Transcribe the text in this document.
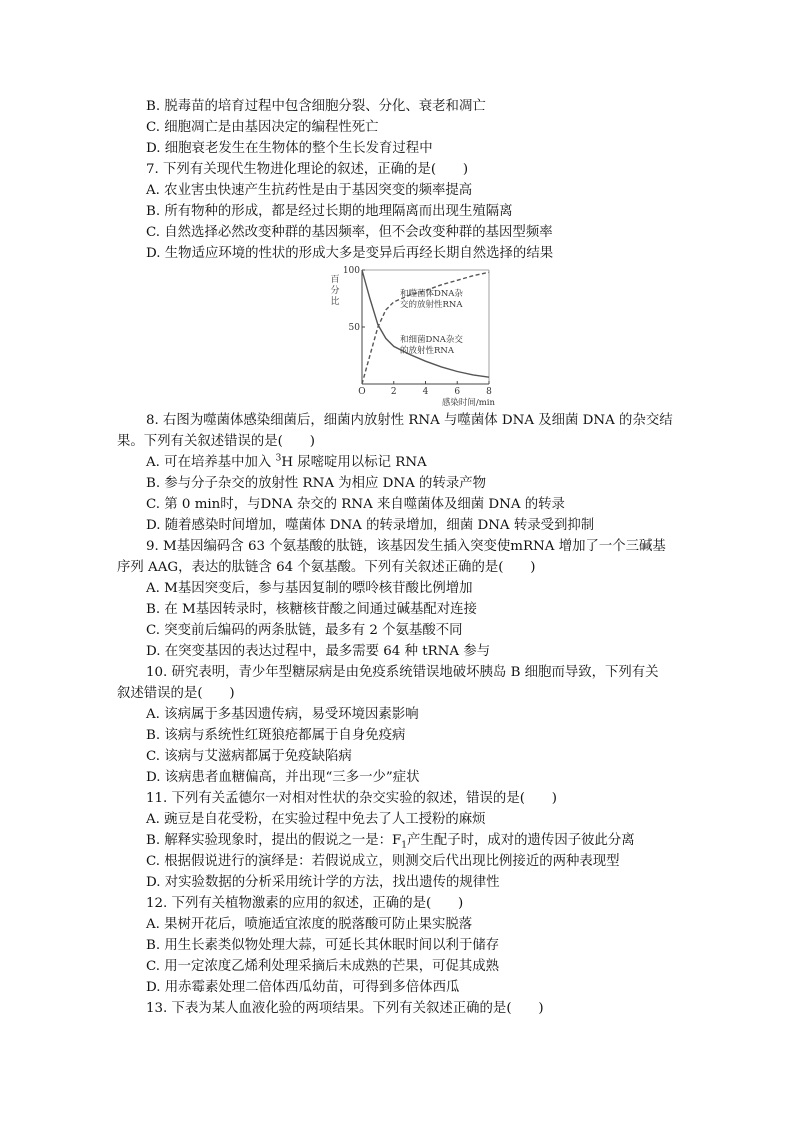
B. 脱毒苗的培育过程中包含细胞分裂、分化、衰老和凋亡
C. 细胞凋亡是由基因决定的编程性死亡
D. 细胞衰老发生在生物体的整个生长发育过程中
7. 下列有关现代生物进化理论的叙述，正确的是(　　)
A. 农业害虫快速产生抗药性是由于基因突变的频率提高
B. 所有物种的形成，都是经过长期的地理隔离而出现生殖隔离
C. 自然选择必然改变种群的基因频率，但不会改变种群的基因型频率
D. 生物适应环境的性状的形成大多是变异后再经长期自然选择的结果
O	2	4	6	8
50
100
百分比
感染时间/min
和噬菌体DNA杂
交的放射性RNA
和细菌DNA杂交
的放射性RNA
8. 右图为噬菌体感染细菌后，细菌内放射性 RNA 与噬菌体 DNA 及细菌 DNA 的杂交结
果。下列有关叙述错误的是(　　)
A. 可在培养基中加入 $^3$H 尿嘧啶用以标记 RNA
B. 参与分子杂交的放射性 RNA 为相应 DNA 的转录产物
C. 第 0 min时，与DNA 杂交的 RNA 来自噬菌体及细菌 DNA 的转录
D. 随着感染时间增加，噬菌体 DNA 的转录增加，细菌 DNA 转录受到抑制
9. M基因编码含 63 个氨基酸的肽链，该基因发生插入突变使mRNA 增加了一个三碱基
序列 AAG，表达的肽链含 64 个氨基酸。下列有关叙述正确的是(　　)
A. M基因突变后，参与基因复制的嘌呤核苷酸比例增加
B. 在 M基因转录时，核糖核苷酸之间通过碱基配对连接
C. 突变前后编码的两条肽链，最多有 2 个氨基酸不同
D. 在突变基因的表达过程中，最多需要 64 种 tRNA 参与
10. 研究表明，青少年型糖尿病是由免疫系统错误地破坏胰岛 B 细胞而导致，下列有关
叙述错误的是(　　)
A. 该病属于多基因遗传病，易受环境因素影响
B. 该病与系统性红斑狼疮都属于自身免疫病
C. 该病与艾滋病都属于免疫缺陷病
D. 该病患者血糖偏高，并出现“三多一少”症状
11. 下列有关孟德尔一对相对性状的杂交实验的叙述，错误的是(　　)
A. 豌豆是自花受粉，在实验过程中免去了人工授粉的麻烦
B. 解释实验现象时，提出的假说之一是：$F_1$产生配子时，成对的遗传因子彼此分离
C. 根据假说进行的演绎是：若假说成立，则测交后代出现比例接近的两种表现型
D. 对实验数据的分析采用统计学的方法，找出遗传的规律性
12. 下列有关植物激素的应用的叙述，正确的是(　　)
A. 果树开花后，喷施适宜浓度的脱落酸可防止果实脱落
B. 用生长素类似物处理大蒜，可延长其休眠时间以利于储存
C. 用一定浓度乙烯利处理采摘后未成熟的芒果，可促其成熟
D. 用赤霉素处理二倍体西瓜幼苗，可得到多倍体西瓜
13. 下表为某人血液化验的两项结果。下列有关叙述正确的是(　　)
